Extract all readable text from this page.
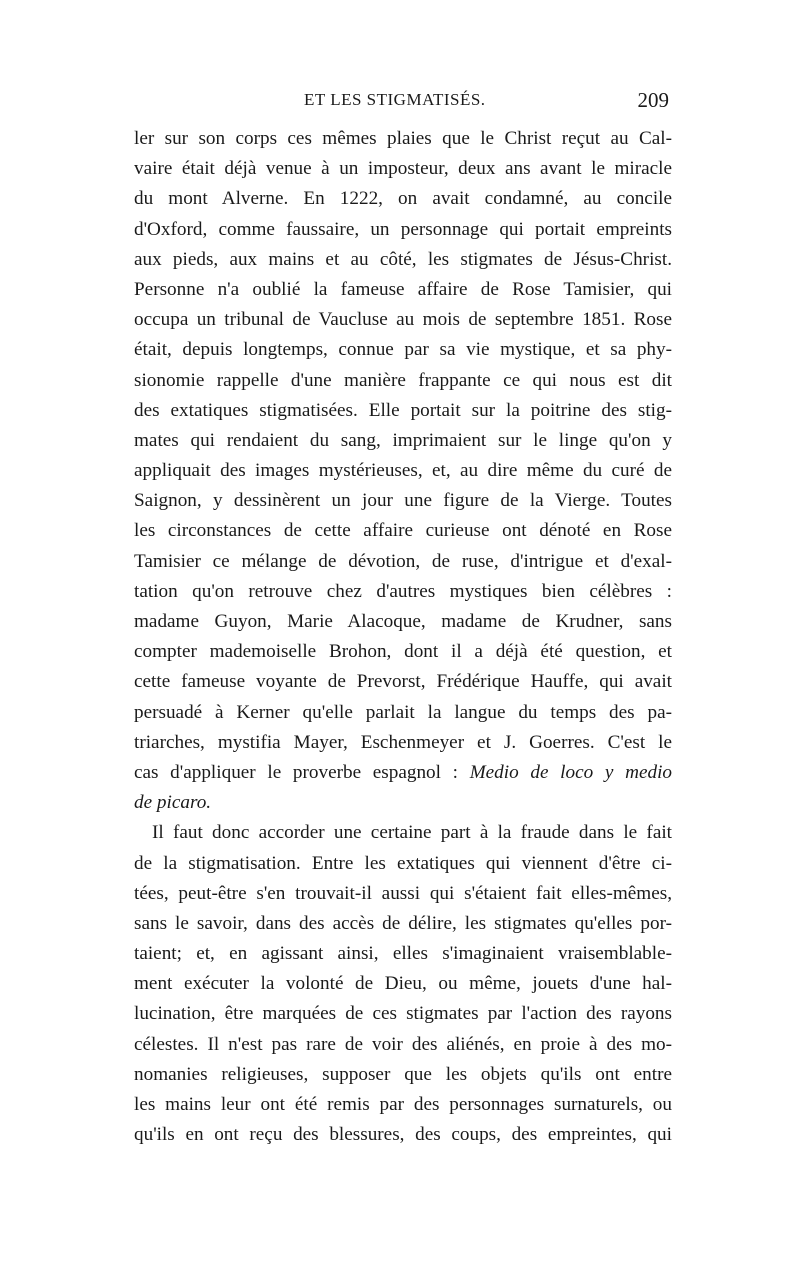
ET LES STIGMATISÉS.	209
ler sur son corps ces mêmes plaies que le Christ reçut au Cal-
vaire était déjà venue à un imposteur, deux ans avant le miracle
du mont Alverne. En 1222, on avait condamné, au concile
d'Oxford, comme faussaire, un personnage qui portait empreints
aux pieds, aux mains et au côté, les stigmates de Jésus-Christ.
Personne n'a oublié la fameuse affaire de Rose Tamisier, qui
occupa un tribunal de Vaucluse au mois de septembre 1851. Rose
était, depuis longtemps, connue par sa vie mystique, et sa phy-
sionomie rappelle d'une manière frappante ce qui nous est dit
des extatiques stigmatisées. Elle portait sur la poitrine des stig-
mates qui rendaient du sang, imprimaient sur le linge qu'on y
appliquait des images mystérieuses, et, au dire même du curé de
Saignon, y dessinèrent un jour une figure de la Vierge. Toutes
les circonstances de cette affaire curieuse ont dénoté en Rose
Tamisier ce mélange de dévotion, de ruse, d'intrigue et d'exal-
tation qu'on retrouve chez d'autres mystiques bien célèbres :
madame Guyon, Marie Alacoque, madame de Krudner, sans
compter mademoiselle Brohon, dont il a déjà été question, et
cette fameuse voyante de Prevorst, Frédérique Hauffe, qui avait
persuadé à Kerner qu'elle parlait la langue du temps des pa-
triarches, mystifia Mayer, Eschenmeyer et J. Goerres. C'est le
cas d'appliquer le proverbe espagnol : Medio de loco y medio
de picaro.
Il faut donc accorder une certaine part à la fraude dans le fait
de la stigmatisation. Entre les extatiques qui viennent d'être ci-
tées, peut-être s'en trouvait-il aussi qui s'étaient fait elles-mêmes,
sans le savoir, dans des accès de délire, les stigmates qu'elles por-
taient; et, en agissant ainsi, elles s'imaginaient vraisemblable-
ment exécuter la volonté de Dieu, ou même, jouets d'une hal-
lucination, être marquées de ces stigmates par l'action des rayons
célestes. Il n'est pas rare de voir des aliénés, en proie à des mo-
nomanies religieuses, supposer que les objets qu'ils ont entre
les mains leur ont été remis par des personnages surnaturels, ou
qu'ils en ont reçu des blessures, des coups, des empreintes, qui
